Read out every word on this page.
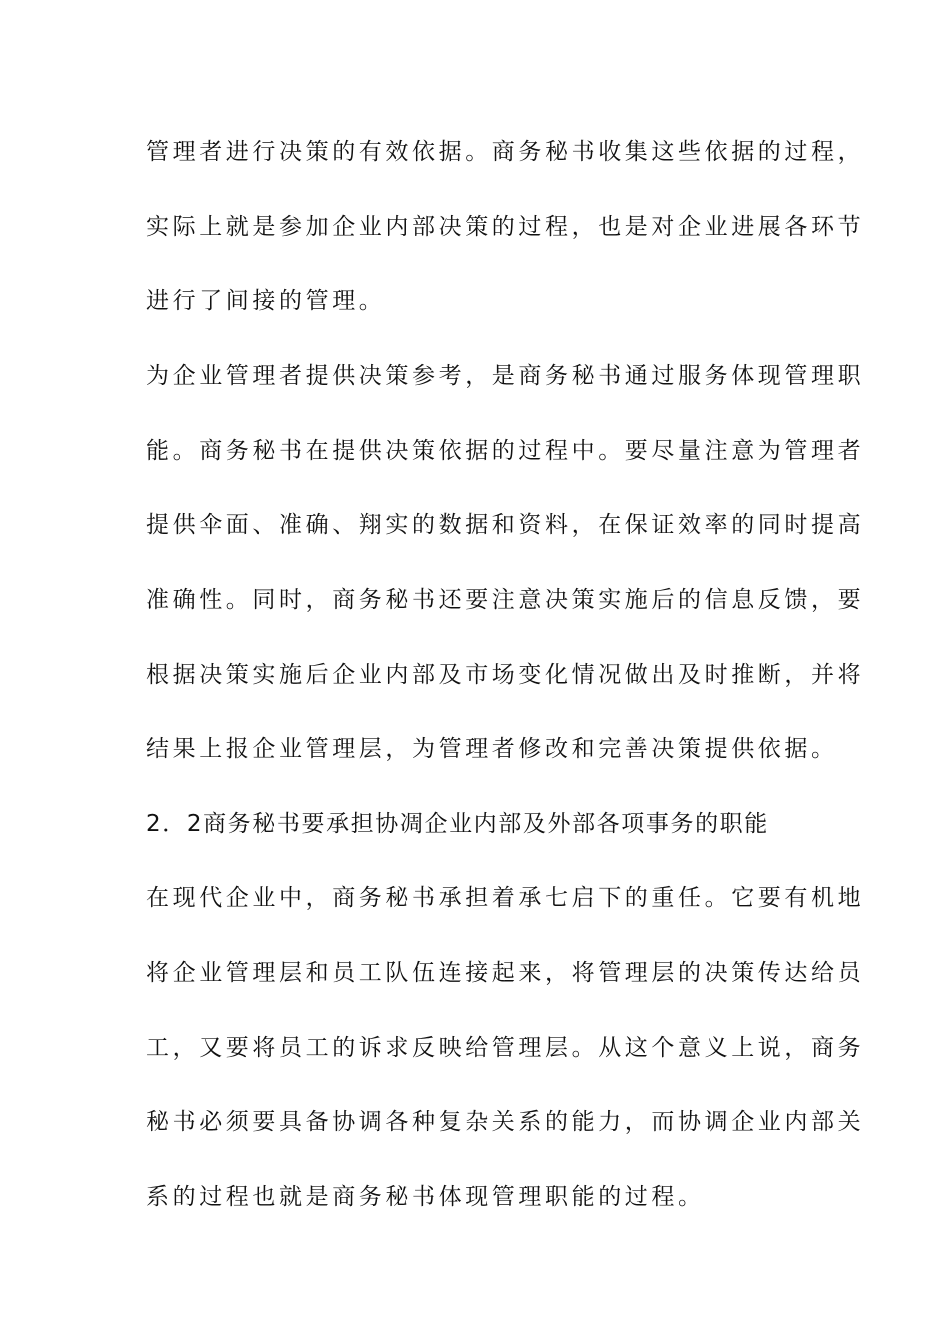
管理者进行决策的有效依据。商务秘书收集这些依据的过程，
实际上就是参加企业内部决策的过程，也是对企业进展各环节
进行了间接的管理。
为企业管理者提供决策参考，是商务秘书通过服务体现管理职
能。商务秘书在提供决策依据的过程中。要尽量注意为管理者
提供伞面、准确、翔实的数据和资料，在保证效率的同时提高
准确性。同时，商务秘书还要注意决策实施后的信息反馈，要
根据决策实施后企业内部及市场变化情况做出及时推断，并将
结果上报企业管理层，为管理者修改和完善决策提供依据。
2．2商务秘书要承担协凋企业内部及外部各项事务的职能
在现代企业中，商务秘书承担着承七启下的重任。它要有机地
将企业管理层和员工队伍连接起来，将管理层的决策传达给员
工，又要将员工的诉求反映给管理层。从这个意义上说，商务
秘书必须要具备协调各种复杂关系的能力，而协调企业内部关
系的过程也就是商务秘书体现管理职能的过程。
